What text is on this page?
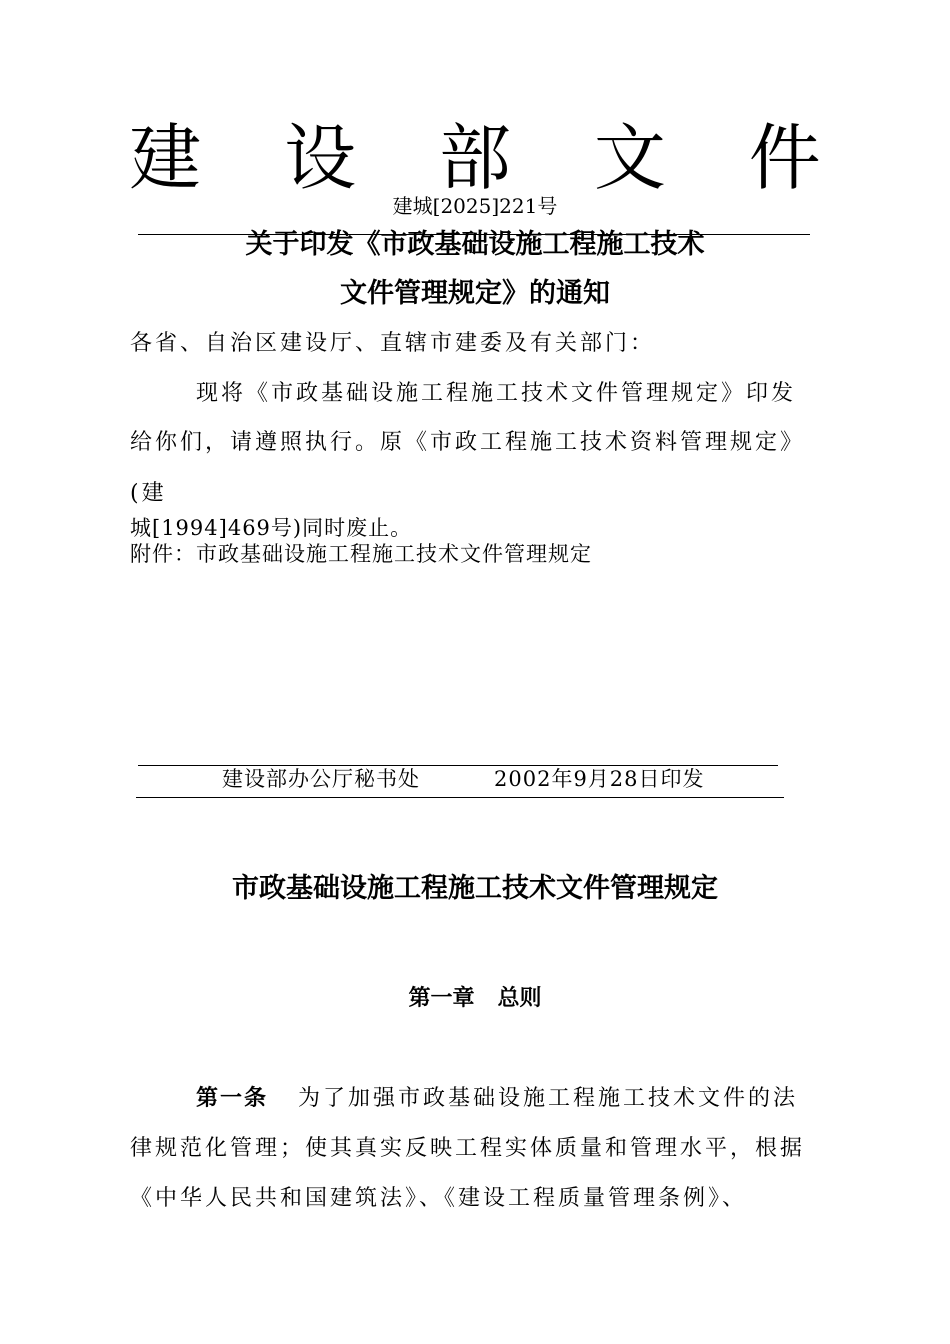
建 设 部 文 件
建城[2025]221号
关于印发《市政基础设施工程施工技术
文件管理规定》的通知
各省、自治区建设厅、直辖市建委及有关部门：
现将《市政基础设施工程施工技术文件管理规定》印发
给你们，请遵照执行。原《市政工程施工技术资料管理规定》
(建
城[1994]469号)同时废止。
附件：市政基础设施工程施工技术文件管理规定
建设部办公厅秘书处	2002年9月28日印发
市政基础设施工程施工技术文件管理规定
第一章   总则
第一条 为了加强市政基础设施工程施工技术文件的法
律规范化管理；使其真实反映工程实体质量和管理水平，根据
《中华人民共和国建筑法》、《建设工程质量管理条例》、
